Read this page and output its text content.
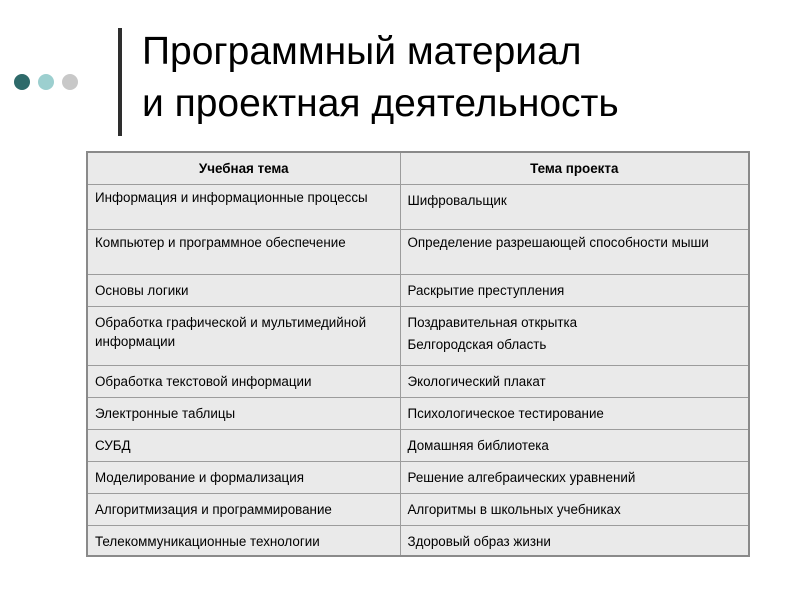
Программный материал
и проектная деятельность
Учебная тема	Тема проекта
Информация и информационные процессы	Шифровальщик

Компьютер и программное обеспечение	Определение разрешающей способности мыши

Основы логики	Раскрытие преступления

Обработка графической и мультимедийной информации	Поздравительная открытка
Белгородская область

Обработка текстовой информации	Экологический плакат

Электронные таблицы	Психологическое тестирование

СУБД	Домашняя библиотека

Моделирование и формализация	Решение алгебраических уравнений

Алгоритмизация и программирование	Алгоритмы в школьных учебниках

Телекоммуникационные технологии	Здоровый образ жизни
